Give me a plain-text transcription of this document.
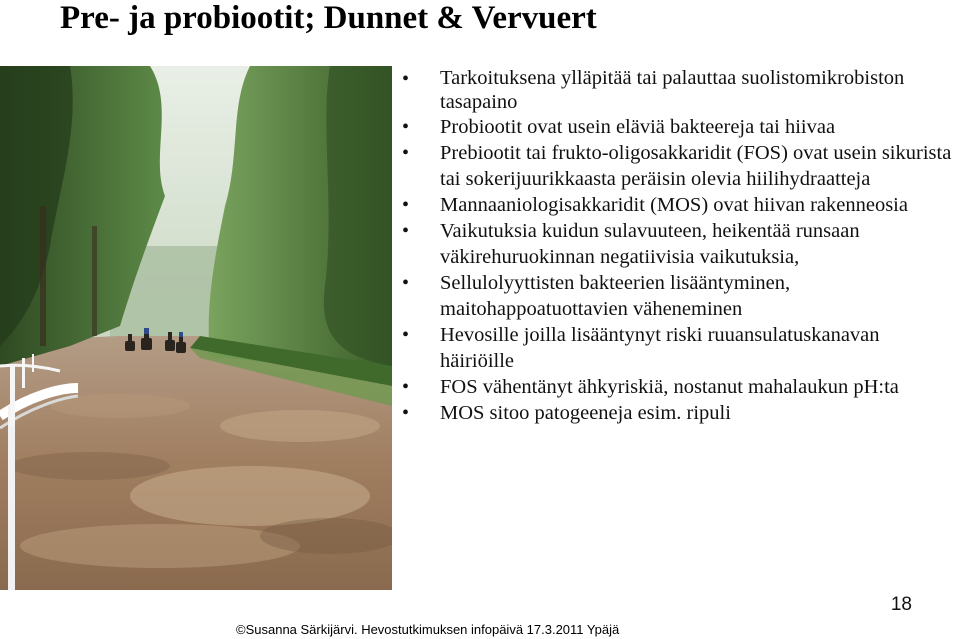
Pre- ja probiootit; Dunnet & Vervuert
• Tarkoituksena ylläpitää tai palauttaa suolistomikrobiston tasapaino
• Probiootit ovat usein eläviä bakteereja tai hiivaa
• Prebiootit tai frukto-oligosakkaridit (FOS) ovat usein sikurista tai sokerijuurikkaasta peräisin olevia hiilihydraatteja
• Mannaaniologisakkaridit (MOS) ovat hiivan rakenneosia
• Vaikutuksia kuidun sulavuuteen, heikentää runsaan väkirehuruokinnan negatiivisia vaikutuksia,
• Sellulolyyttisten bakteerien lisääntyminen, maitohappoatuottavien väheneminen
• Hevosille joilla lisääntynyt riski ruuansulatuskanavan häiriöille
• FOS vähentänyt ähkyriskiä, nostanut mahalaukun pH:ta
• MOS sitoo patogeeneja esim. ripuli
18
©Susanna Särkijärvi. Hevostutkimuksen infopäivä 17.3.2011 Ypäjä
